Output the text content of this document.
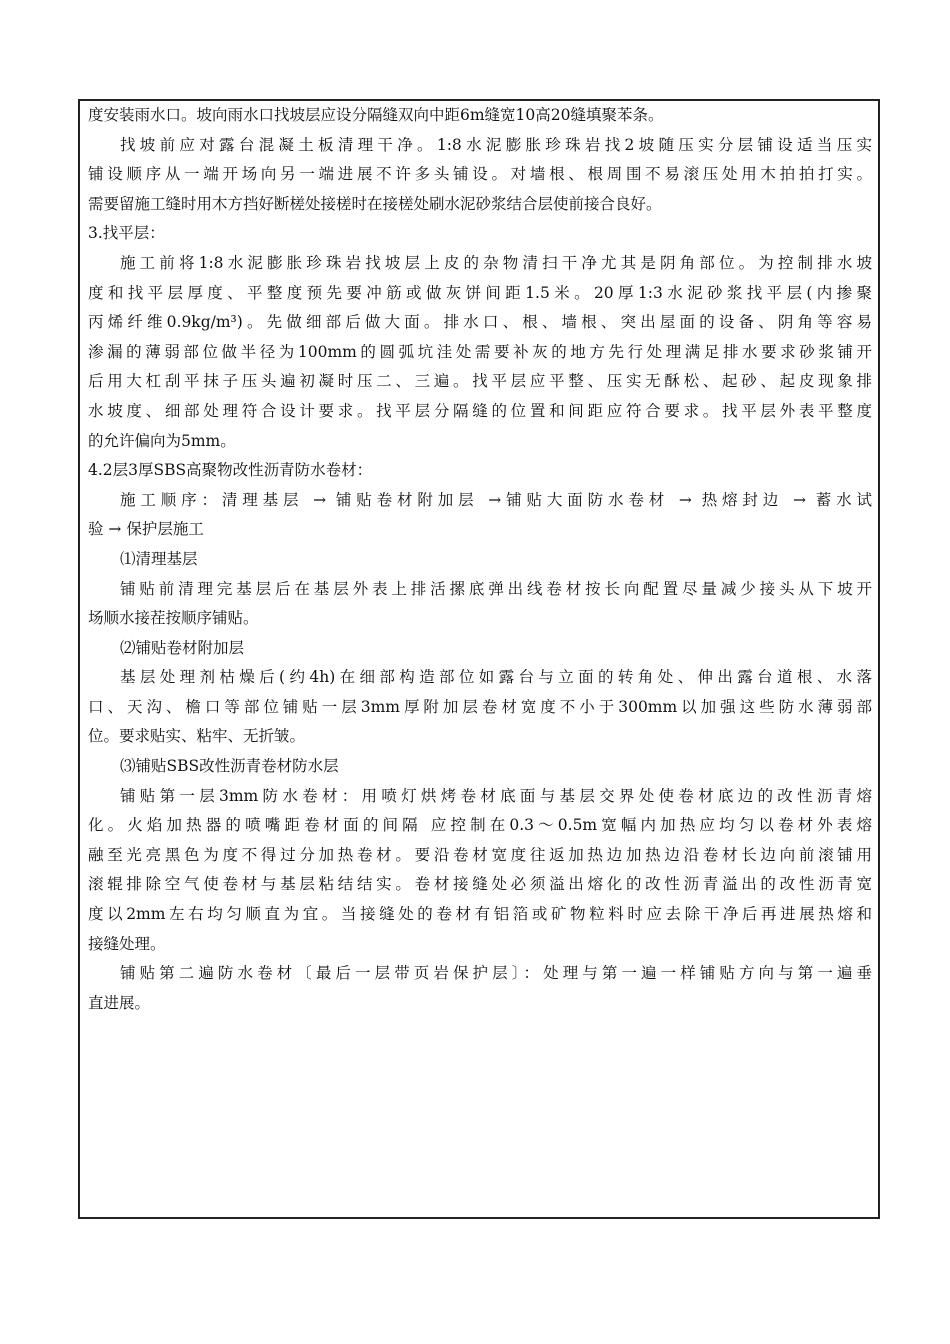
度安装雨水口。坡向雨水口找坡层应设分隔缝双向中距6m缝宽10高20缝填聚苯条。
找坡前应对露台混凝土板清理干净。1:8水泥膨胀珍珠岩找2坡随压实分层铺设适当压实
铺设顺序从一端开场向另一端进展不许多头铺设。对墙根、根周围不易滚压处用木拍拍打实。
需要留施工缝时用木方挡好断槎处接槎时在接槎处刷水泥砂浆结合层使前接合良好。
3.找平层：
施工前将1:8水泥膨胀珍珠岩找坡层上皮的杂物清扫干净尤其是阴角部位。为控制排水坡
度和找平层厚度、平整度预先要冲筋或做灰饼间距1.5米。20厚1:3水泥砂浆找平层(内掺聚
丙烯纤维0.9kg/m³)。先做细部后做大面。排水口、根、墙根、突出屋面的设备、阴角等容易
渗漏的薄弱部位做半径为100mm的圆弧坑洼处需要补灰的地方先行处理满足排水要求砂浆铺开
后用大杠刮平抹子压头遍初凝时压二、三遍。找平层应平整、压实无酥松、起砂、起皮现象排
水坡度、细部处理符合设计要求。找平层分隔缝的位置和间距应符合要求。找平层外表平整度
的允许偏向为5mm。
4.2层3厚SBS高聚物改性沥青防水卷材：
施工顺序：清理基层 → 铺贴卷材附加层 →铺贴大面防水卷材 → 热熔封边 → 蓄水试
验 → 保护层施工
⑴清理基层
铺贴前清理完基层后在基层外表上排活摞底弹出线卷材按长向配置尽量减少接头从下坡开
场顺水接茬按顺序铺贴。
⑵铺贴卷材附加层
基层处理剂枯燥后(约4h)在细部构造部位如露台与立面的转角处、伸出露台道根、水落
口、天沟、檐口等部位铺贴一层3mm厚附加层卷材宽度不小于300mm以加强这些防水薄弱部
位。要求贴实、粘牢、无折皱。
⑶铺贴SBS改性沥青卷材防水层
铺贴第一层3mm防水卷材：用喷灯烘烤卷材底面与基层交界处使卷材底边的改性沥青熔
化。火焰加热器的喷嘴距卷材面的间隔 应控制在0.3～0.5m宽幅内加热应均匀以卷材外表熔
融至光亮黑色为度不得过分加热卷材。要沿卷材宽度往返加热边加热边沿卷材长边向前滚铺用
滚辊排除空气使卷材与基层粘结结实。卷材接缝处必须溢出熔化的改性沥青溢出的改性沥青宽
度以2mm左右均匀顺直为宜。当接缝处的卷材有铝箔或矿物粒料时应去除干净后再进展热熔和
接缝处理。
铺贴第二遍防水卷材〔最后一层带页岩保护层〕：处理与第一遍一样铺贴方向与第一遍垂
直进展。
